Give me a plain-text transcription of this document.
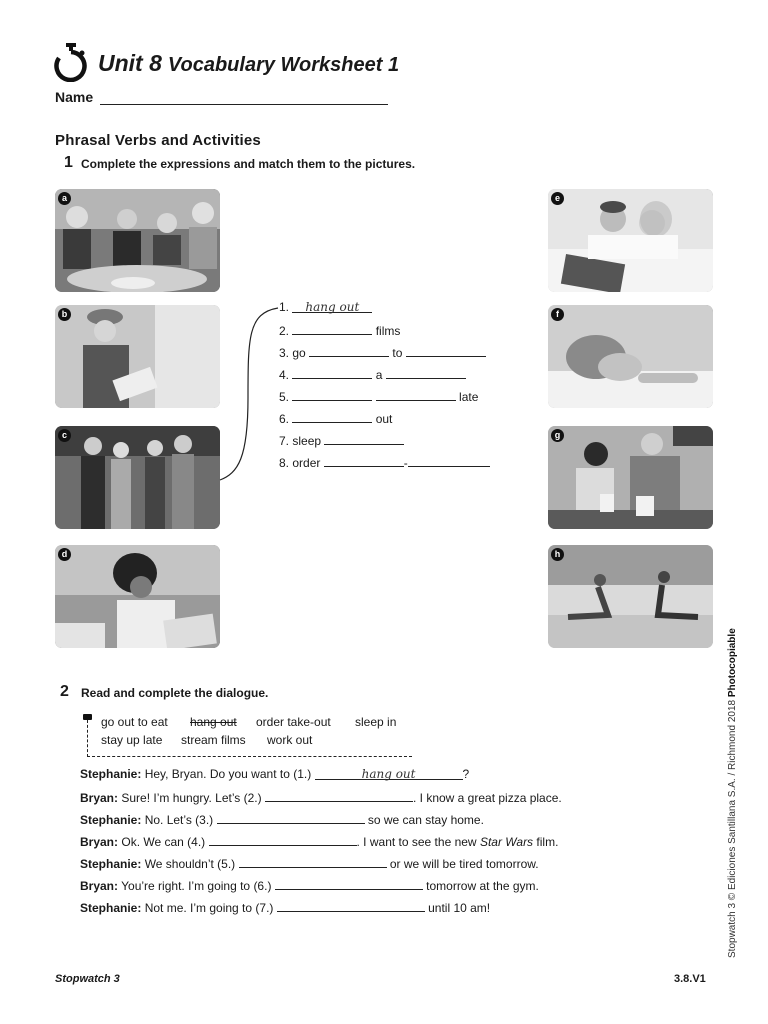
Unit 8 Vocabulary Worksheet 1
Name
Phrasal Verbs and Activities
1 Complete the expressions and match them to the pictures.
a
b
c
d
e
f
g
h
1. hang out
2.	films
3. go	to
4.	a
5.	late
6.	out
7. sleep
8. order	-
2 Read and complete the dialogue.
go out to eat hang out order take-out sleep in
stay up late stream films work out
Stephanie: Hey, Bryan. Do you want to (1.)	hang out	?
Bryan: Sure! I’m hungry. Let’s (2.)	. I know a great pizza place.
Stephanie: No. Let’s (3.)	so we can stay home.
Bryan: Ok. We can (4.)	. I want to see the new Star Wars film.
Stephanie: We shouldn’t (5.)	or we will be tired tomorrow.
Bryan: You’re right. I’m going to (6.)	tomorrow at the gym.
Stephanie: Not me. I’m going to (7.)	until 10 am!	Stopwatch 3 © Ediciones Santillana S.A. / Richmond 2018 Photocopiable
Stopwatch 3	3.8.V1
